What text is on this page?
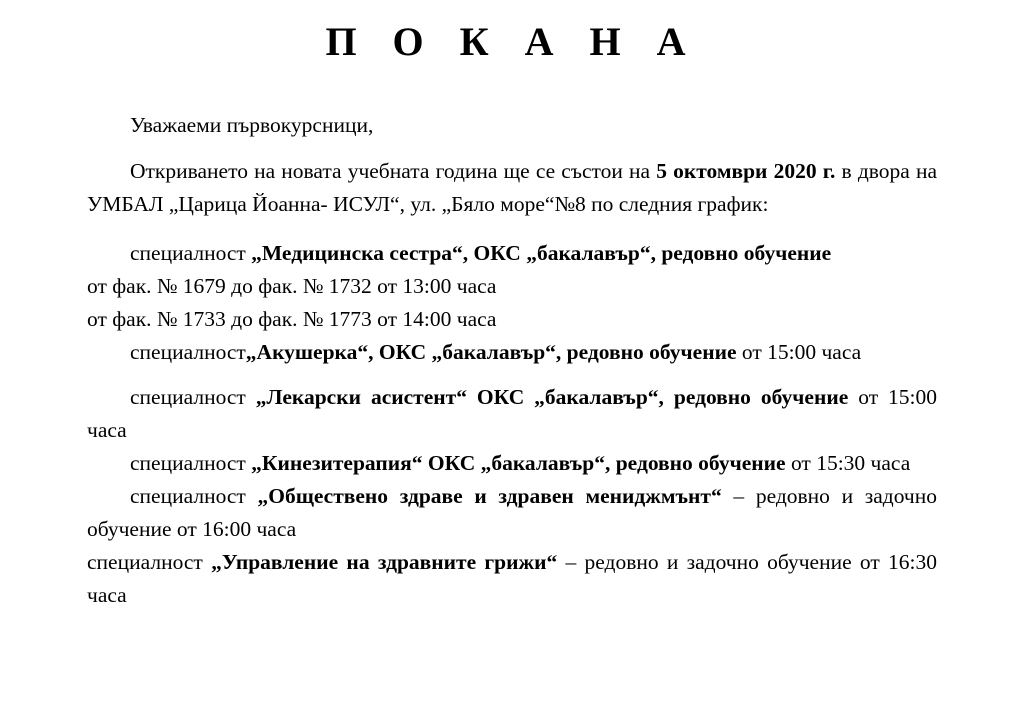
П О К А Н А

Уважаеми първокурсници,

Откриването на новата учебната година ще се състои на 5 октомври 2020 г. в двора на УМБАЛ „Царица Йоанна- ИСУЛ“, ул. „Бяло море“№8 по следния график:

специалност „Медицинска сестра“, ОКС „бакалавър“, редовно обучение

от фак. № 1679 до фак. № 1732 от 13:00 часа

от фак. № 1733 до фак. № 1773 от 14:00 часа

специалност„Акушерка“, ОКС „бакалавър“, редовно обучение от 15:00 часа

специалност „Лекарски асистент“ ОКС „бакалавър“, редовно обучение от 15:00 часа

специалност „Кинезитерапия“ ОКС „бакалавър“, редовно обучение от 15:30 часа

специалност „Обществено здраве и здравен мениджмънт“ – редовно и задочно обучение от 16:00 часа

специалност „Управление на здравните грижи“ – редовно и задочно обучение от 16:30 часа
